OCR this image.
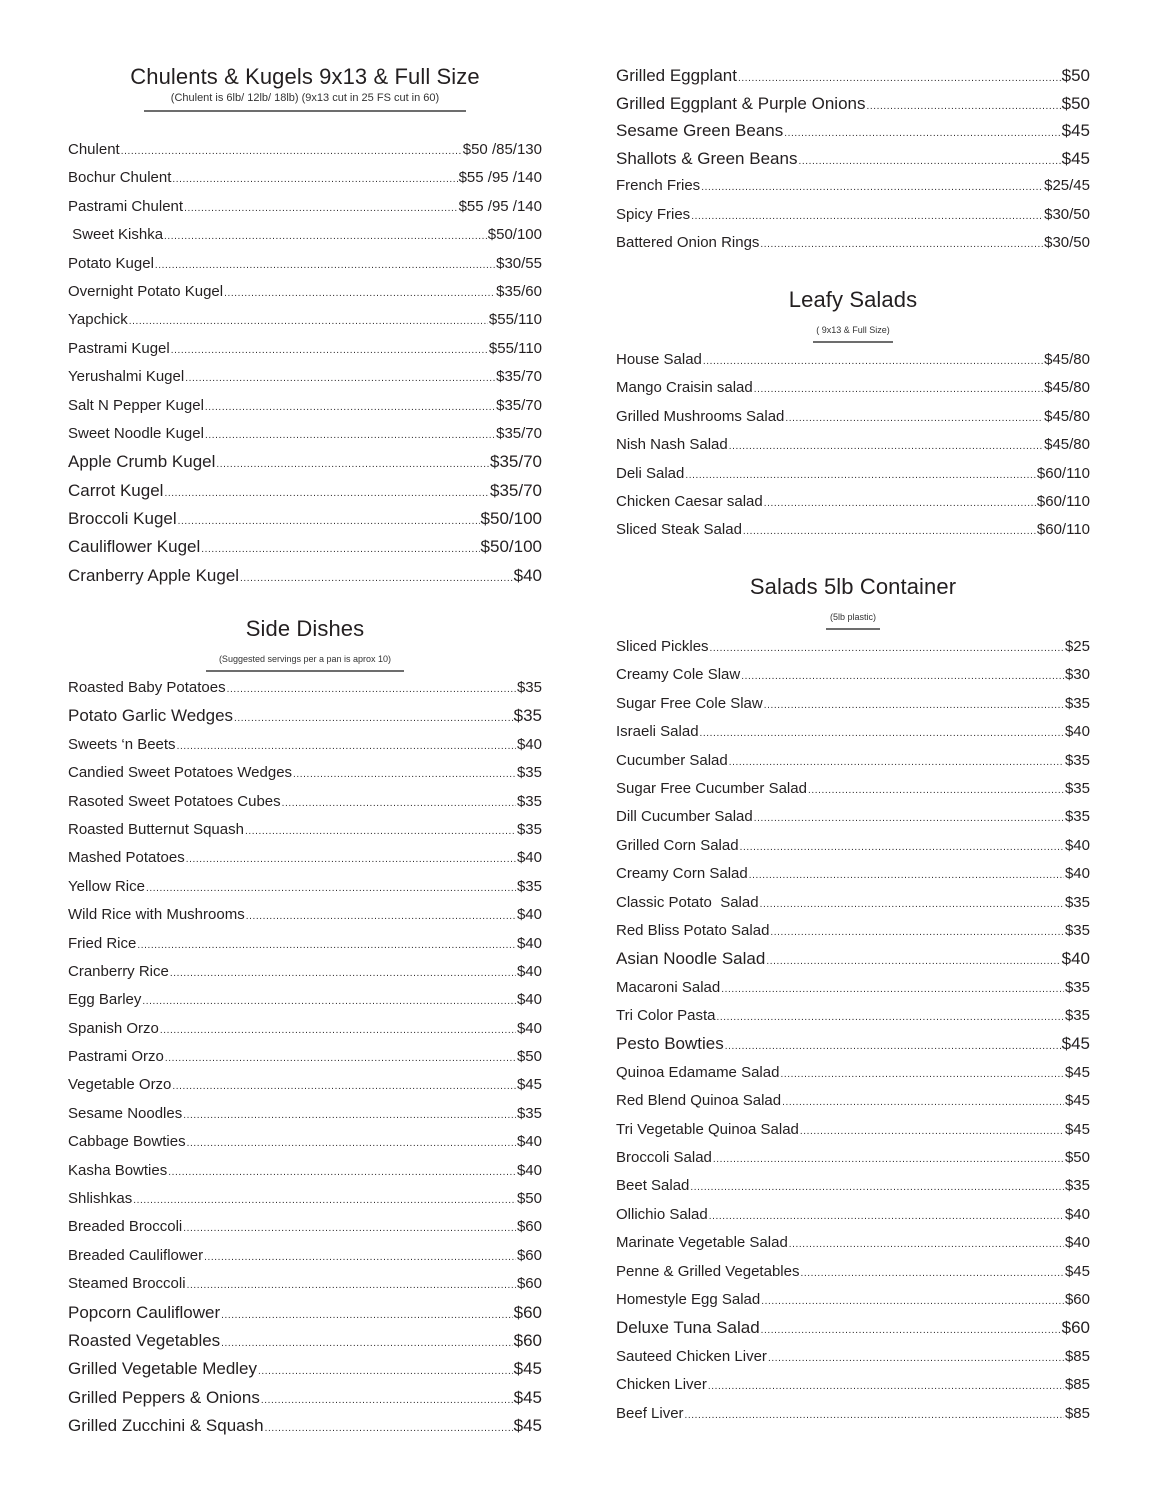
Chulents & Kugels 9x13 & Full Size
(Chulent is 6lb/ 12lb/ 18lb) (9x13 cut in 25 FS cut in 60)
Chulent .....	$50 /85/130
Bochur Chulent .....	$55 /95 /140
Pastrami Chulent .....	$55 /95 /140
Sweet Kishka .....	$50/100
Potato Kugel .....	$30/55
Overnight Potato Kugel .....	$35/60
Yapchick .....	$55/110
Pastrami Kugel .....	$55/110
Yerushalmi Kugel .....	$35/70
Salt N Pepper Kugel .....	$35/70
Sweet Noodle Kugel .....	$35/70
Apple Crumb Kugel .....	$35/70
Carrot Kugel .....	$35/70
Broccoli Kugel .....	$50/100
Cauliflower Kugel .....	$50/100
Cranberry Apple Kugel .....	$40
Side Dishes
(Suggested servings per a pan is aprox 10)
Roasted Baby Potatoes .....	$35
Potato Garlic Wedges .....	$35
Sweets ‘n Beets .....	$40
Candied Sweet Potatoes Wedges .....	$35
Rasoted Sweet Potatoes Cubes .....	$35
Roasted Butternut Squash .....	$35
Mashed Potatoes .....	$40
Yellow Rice .....	$35
Wild Rice with Mushrooms .....	$40
Fried Rice .....	$40
Cranberry Rice .....	$40
Egg Barley .....	$40
Spanish Orzo .....	$40
Pastrami Orzo .....	$50
Vegetable Orzo .....	$45
Sesame Noodles .....	$35
Cabbage Bowties .....	$40
Kasha Bowties .....	$40
Shlishkas .....	$50
Breaded Broccoli .....	$60
Breaded Cauliflower .....	$60
Steamed Broccoli .....	$60
Popcorn Cauliflower .....	$60
Roasted Vegetables .....	$60
Grilled Vegetable Medley .....	$45
Grilled Peppers & Onions .....	$45
Grilled Zucchini & Squash .....	$45
Grilled Eggplant .....	$50
Grilled Eggplant & Purple Onions .....	$50
Sesame Green Beans .....	$45
Shallots & Green Beans .....	$45
French Fries .....	$25/45
Spicy Fries .....	$30/50
Battered Onion Rings .....	$30/50
Leafy Salads
( 9x13 & Full Size)
House Salad .....	$45/80
Mango Craisin salad .....	$45/80
Grilled Mushrooms Salad .....	$45/80
Nish Nash Salad .....	$45/80
Deli Salad .....	$60/110
Chicken Caesar salad .....	$60/110
Sliced Steak Salad .....	$60/110
Salads 5lb Container
(5lb plastic)
Sliced Pickles .....	$25
Creamy Cole Slaw .....	$30
Sugar Free Cole Slaw .....	$35
Israeli Salad .....	$40
Cucumber Salad .....	$35
Sugar Free Cucumber Salad .....	$35
Dill Cucumber Salad .....	$35
Grilled Corn Salad .....	$40
Creamy Corn Salad .....	$40
Classic Potato  Salad .....	$35
Red Bliss Potato Salad .....	$35
Asian Noodle Salad .....	$40
Macaroni Salad .....	$35
Tri Color Pasta .....	$35
Pesto Bowties .....	$45
Quinoa Edamame Salad .....	$45
Red Blend Quinoa Salad .....	$45
Tri Vegetable Quinoa Salad .....	$45
Broccoli Salad .....	$50
Beet Salad .....	$35
Ollichio Salad .....	$40
Marinate Vegetable Salad .....	$40
Penne & Grilled Vegetables .....	$45
Homestyle Egg Salad .....	$60
Deluxe Tuna Salad .....	$60
Sauteed Chicken Liver .....	$85
Chicken Liver .....	$85
Beef Liver .....	$85
